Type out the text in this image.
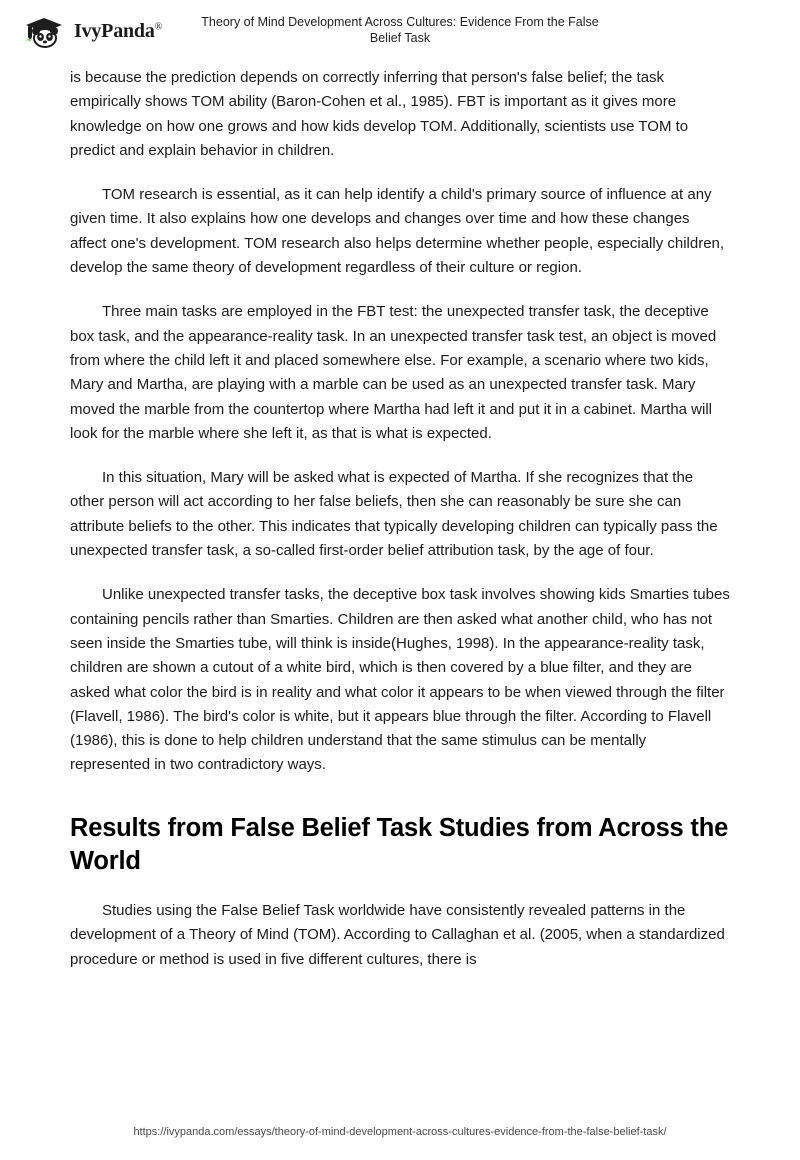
IvyPanda®	Theory of Mind Development Across Cultures: Evidence From the False Belief Task

is because the prediction depends on correctly inferring that person's false belief; the task empirically shows TOM ability (Baron-Cohen et al., 1985). FBT is important as it gives more knowledge on how one grows and how kids develop TOM. Additionally, scientists use TOM to predict and explain behavior in children.

TOM research is essential, as it can help identify a child's primary source of influence at any given time. It also explains how one develops and changes over time and how these changes affect one's development. TOM research also helps determine whether people, especially children, develop the same theory of development regardless of their culture or region.

Three main tasks are employed in the FBT test: the unexpected transfer task, the deceptive box task, and the appearance-reality task. In an unexpected transfer task test, an object is moved from where the child left it and placed somewhere else. For example, a scenario where two kids, Mary and Martha, are playing with a marble can be used as an unexpected transfer task. Mary moved the marble from the countertop where Martha had left it and put it in a cabinet. Martha will look for the marble where she left it, as that is what is expected.

In this situation, Mary will be asked what is expected of Martha. If she recognizes that the other person will act according to her false beliefs, then she can reasonably be sure she can attribute beliefs to the other. This indicates that typically developing children can typically pass the unexpected transfer task, a so-called first-order belief attribution task, by the age of four.

Unlike unexpected transfer tasks, the deceptive box task involves showing kids Smarties tubes containing pencils rather than Smarties. Children are then asked what another child, who has not seen inside the Smarties tube, will think is inside(Hughes, 1998). In the appearance-reality task, children are shown a cutout of a white bird, which is then covered by a blue filter, and they are asked what color the bird is in reality and what color it appears to be when viewed through the filter (Flavell, 1986). The bird's color is white, but it appears blue through the filter. According to Flavell (1986), this is done to help children understand that the same stimulus can be mentally represented in two contradictory ways.

Results from False Belief Task Studies from Across the World

Studies using the False Belief Task worldwide have consistently revealed patterns in the development of a Theory of Mind (TOM). According to Callaghan et al. (2005, when a standardized procedure or method is used in five different cultures, there is

https://ivypanda.com/essays/theory-of-mind-development-across-cultures-evidence-from-the-false-belief-task/
